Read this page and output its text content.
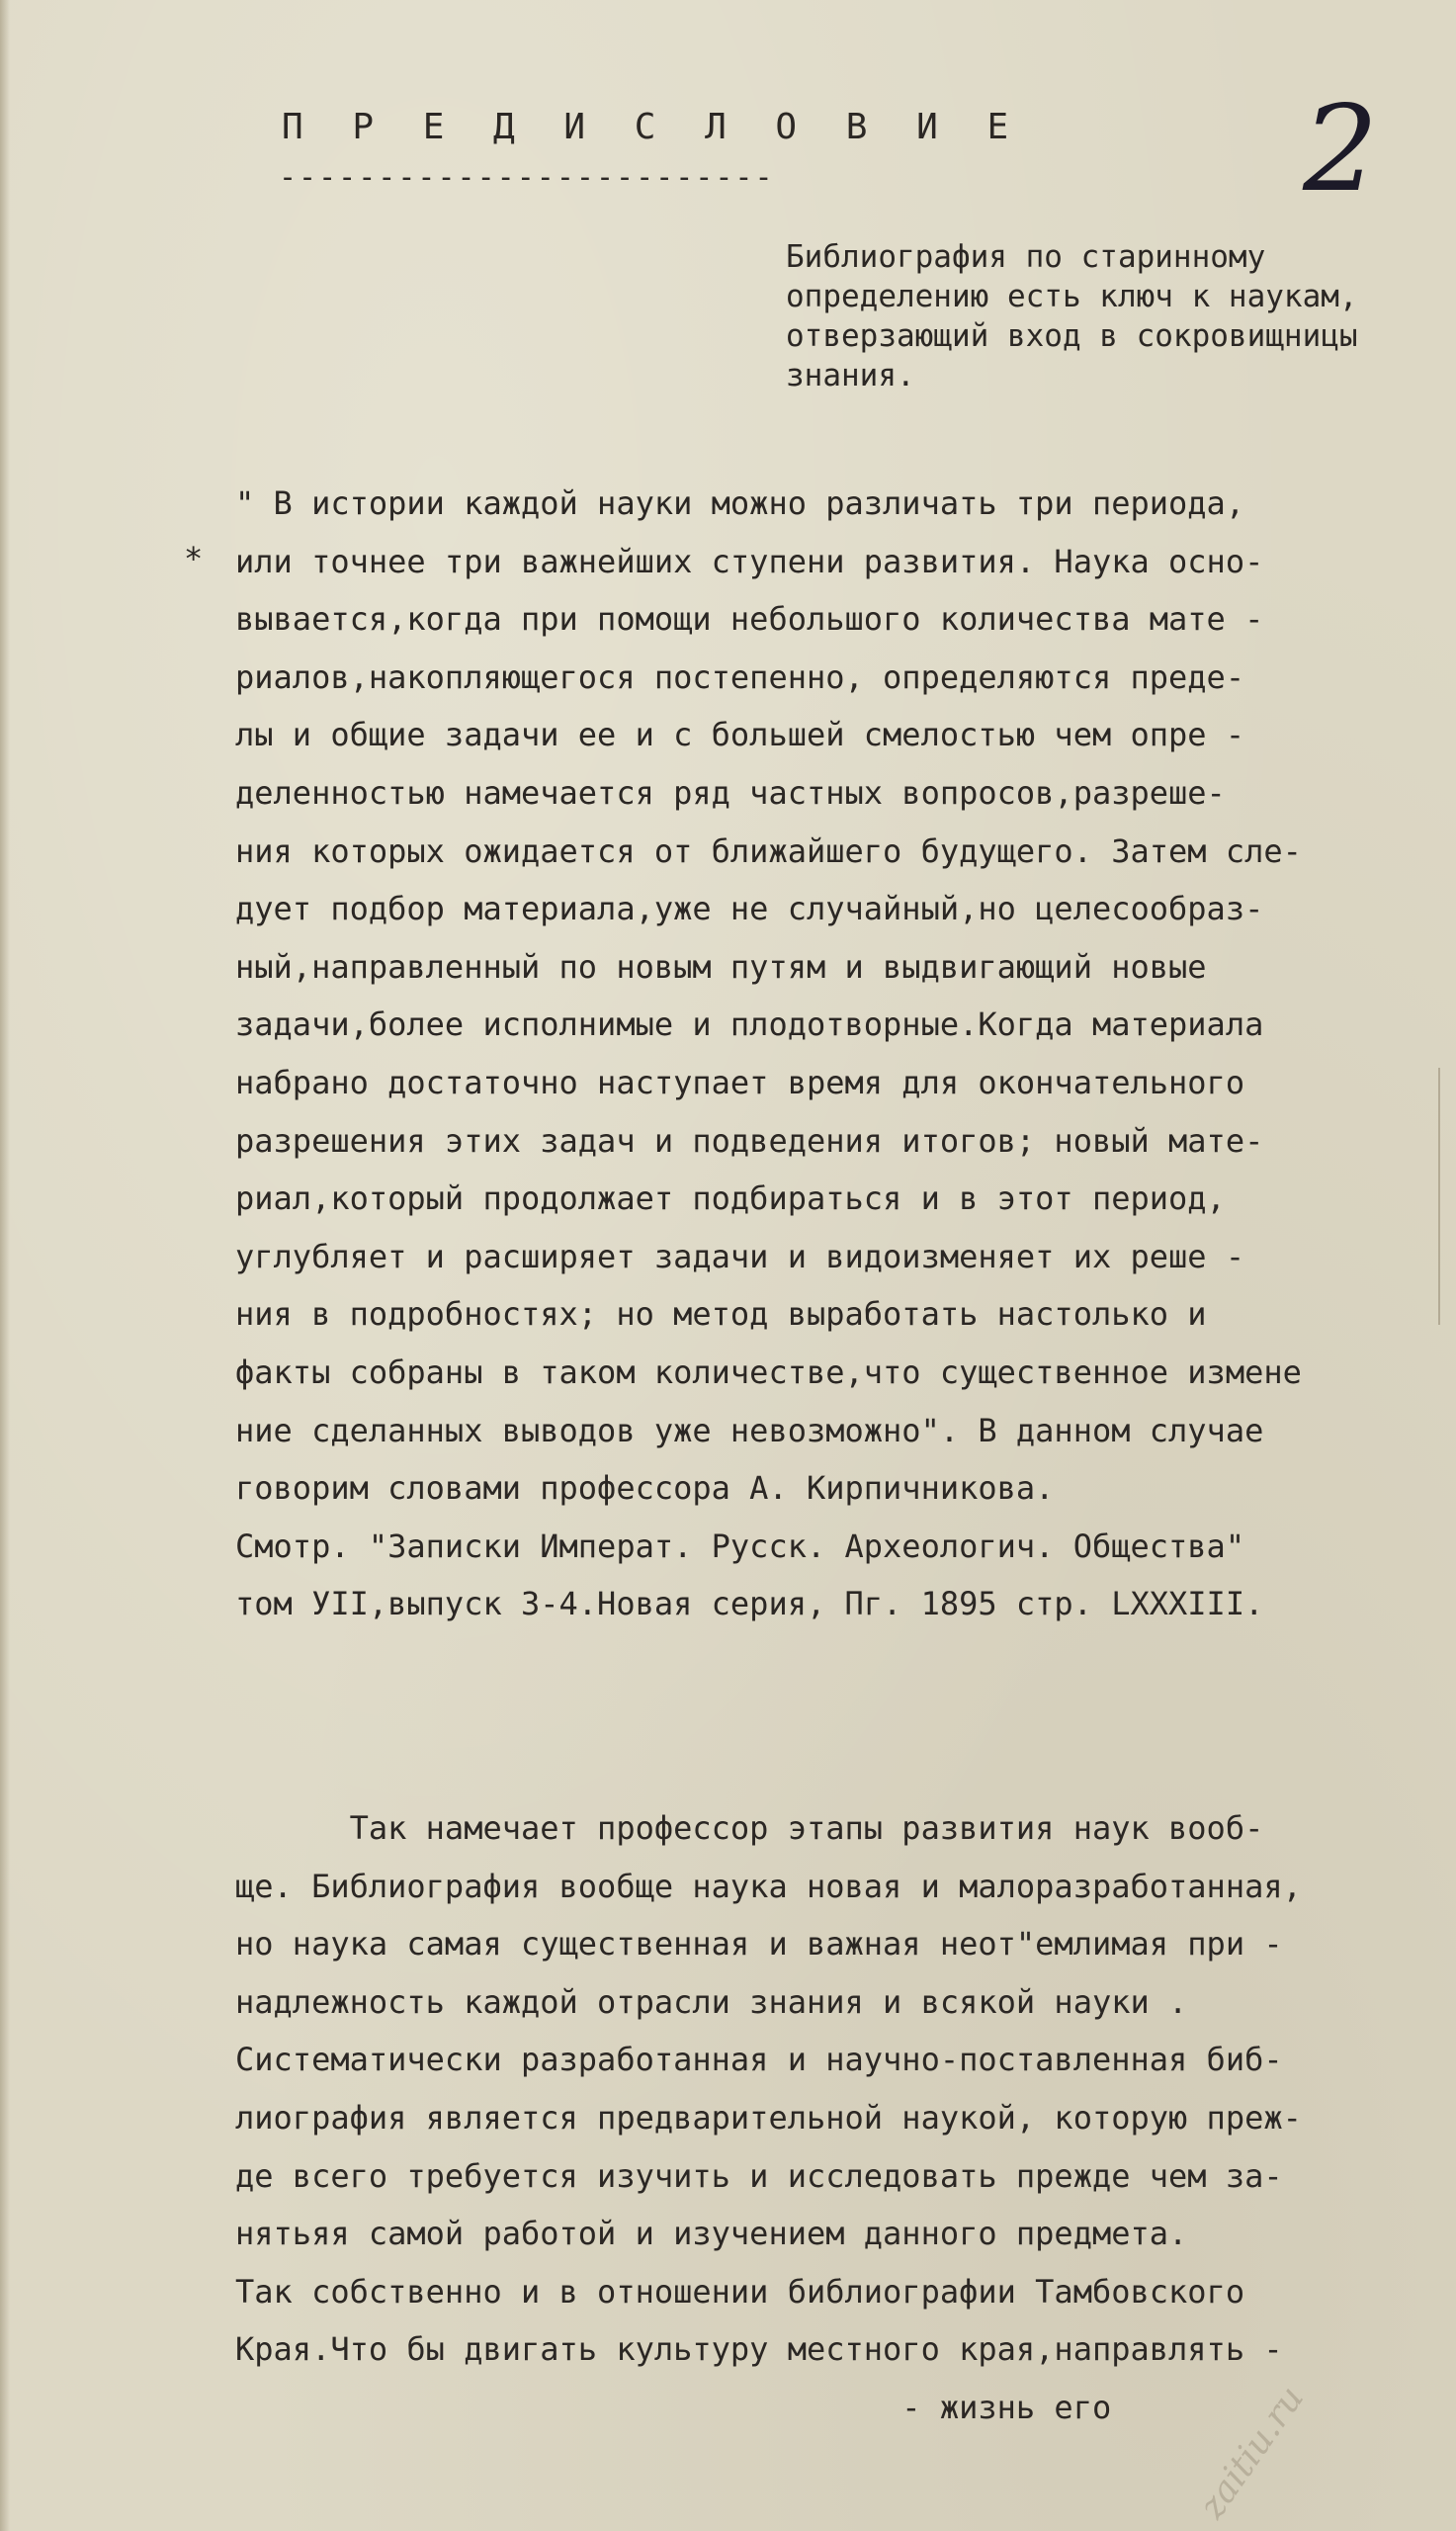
П Р Е Д И С Л О В И Е
-------------------------	2
Библиография по старинному
определению есть ключ к наукам,
отверзающий вход в сокровищницы
знания.
*
" В истории каждой науки можно различать три периода,
или точнее три важнейших ступени развития. Наука осно-
вывается,когда при помощи небольшого количества мате -
риалов,накопляющегося постепенно, определяются преде-
лы и общие задачи ее и с большей смелостью чем опре -
деленностью намечается ряд частных вопросов,разреше-
ния которых ожидается от ближайшего будущего. Затем сле-
дует подбор материала,уже не случайный,но целесообраз-
ный,направленный по новым путям и выдвигающий новые
задачи,более исполнимые и плодотворные.Когда материала
набрано достаточно наступает время для окончательного
разрешения этих задач и подведения итогов; новый мате-
риал,который продолжает подбираться и в этот период,
углубляет и расширяет задачи и видоизменяет их реше -
ния в подробностях; но метод выработать настолько и
факты собраны в таком количестве,что существенное измене
ние сделанных выводов уже невозможно". В данном случае
говорим словами профессора А. Кирпичникова.
Смотр. "Записки Императ. Русск. Археологич. Общества"
том УII,выпуск 3-4.Новая серия, Пг. 1895 стр. LXXXIII.
Так намечает профессор этапы развития наук вооб-
ще. Библиография вообще наука новая и малоразработанная,
но наука самая существенная и важная неот"емлимая при -
надлежность каждой отрасли знания и всякой науки .
Систематически разработанная и научно-поставленная биб-
лиография является предварительной наукой, которую преж-
де всего требуется изучить и исследовать прежде чем за-
нятьяя самой работой и изучением данного предмета.
Так собственно и в отношении библиографии Тамбовского
Края.Что бы двигать культуру местного края,направлять -
- жизнь его	zaitiu.ru
